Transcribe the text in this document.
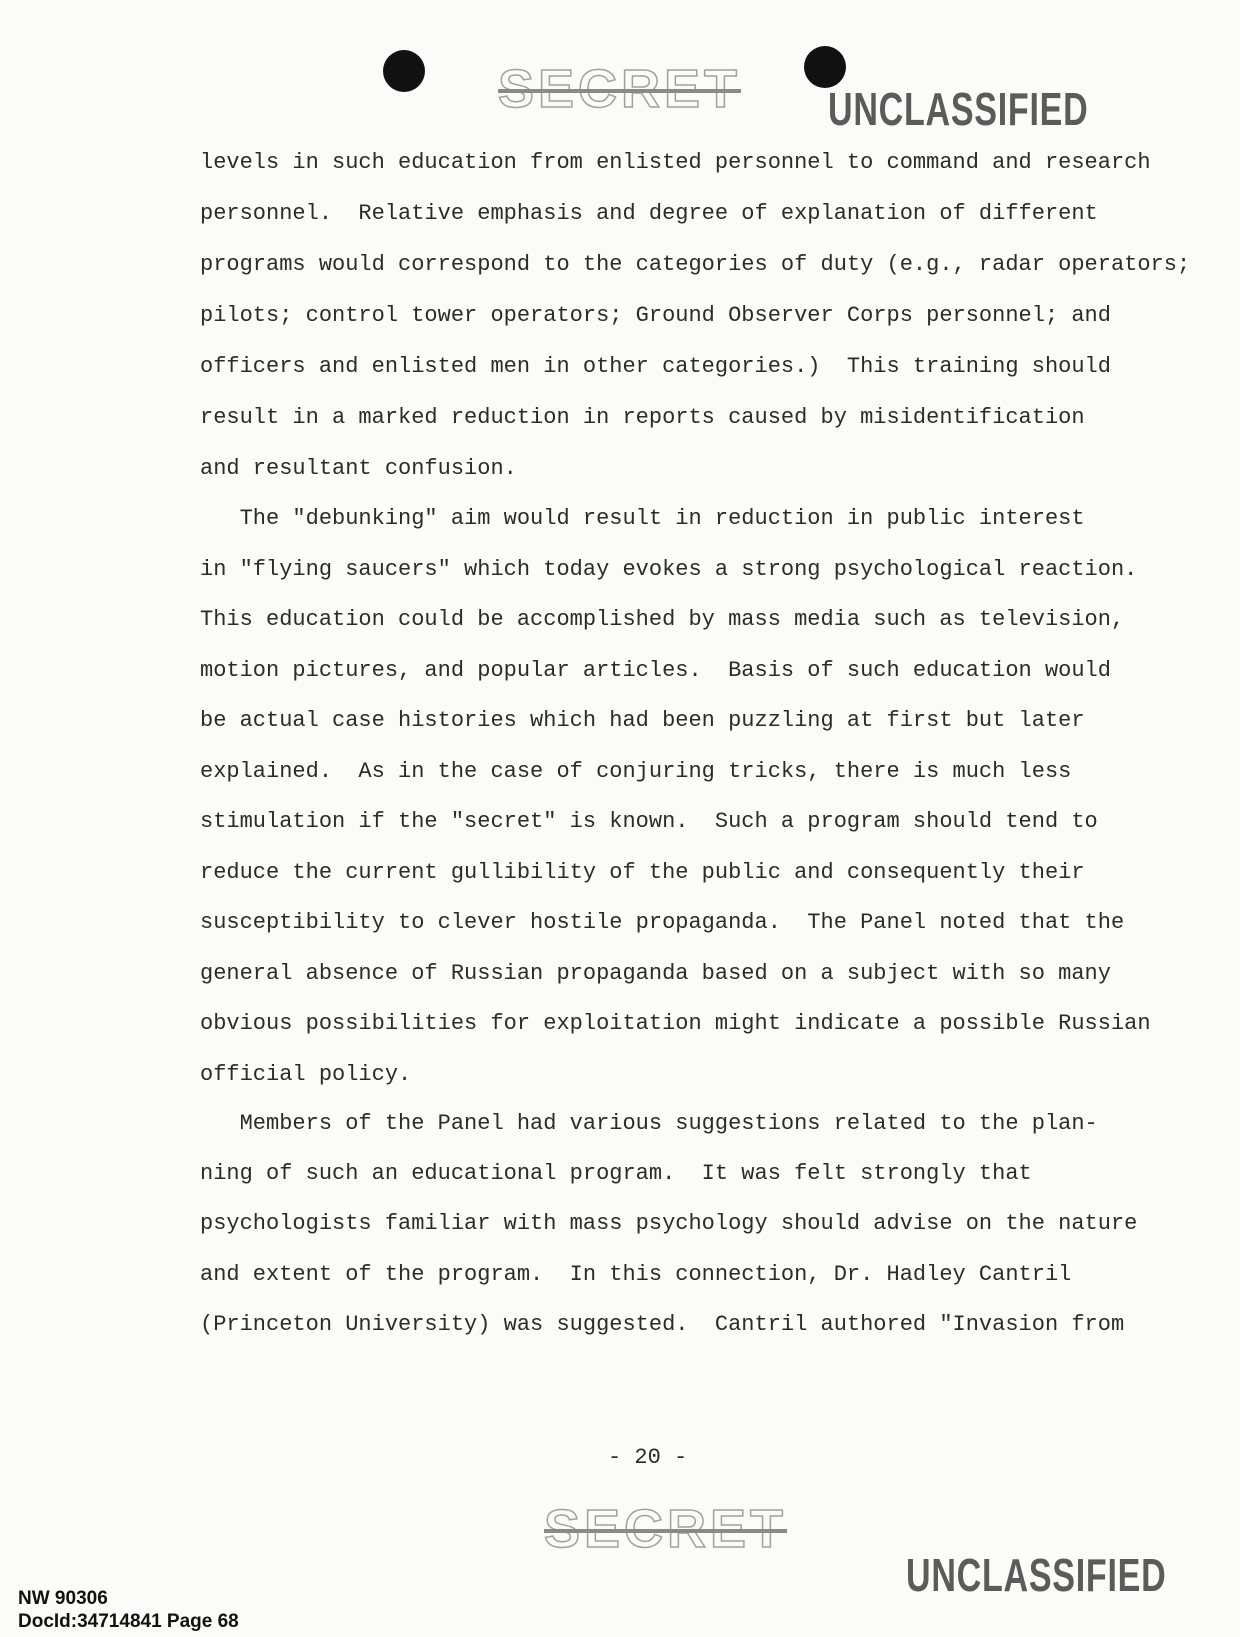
SECRET UNCLASSIFIED
levels in such education from enlisted personnel to command and research
personnel.  Relative emphasis and degree of explanation of different
programs would correspond to the categories of duty (e.g., radar operators;
pilots; control tower operators; Ground Observer Corps personnel; and
officers and enlisted men in other categories.)  This training should
result in a marked reduction in reports caused by misidentification
and resultant confusion.
The "debunking" aim would result in reduction in public interest
in "flying saucers" which today evokes a strong psychological reaction.
This education could be accomplished by mass media such as television,
motion pictures, and popular articles.  Basis of such education would
be actual case histories which had been puzzling at first but later
explained.  As in the case of conjuring tricks, there is much less
stimulation if the "secret" is known.  Such a program should tend to
reduce the current gullibility of the public and consequently their
susceptibility to clever hostile propaganda.  The Panel noted that the
general absence of Russian propaganda based on a subject with so many
obvious possibilities for exploitation might indicate a possible Russian
official policy.
Members of the Panel had various suggestions related to the plan-
ning of such an educational program.  It was felt strongly that
psychologists familiar with mass psychology should advise on the nature
and extent of the program.  In this connection, Dr. Hadley Cantril
(Princeton University) was suggested.  Cantril authored "Invasion from
- 20 -
SECRET
UNCLASSIFIED
NW 90306
DocId:34714841 Page 68
